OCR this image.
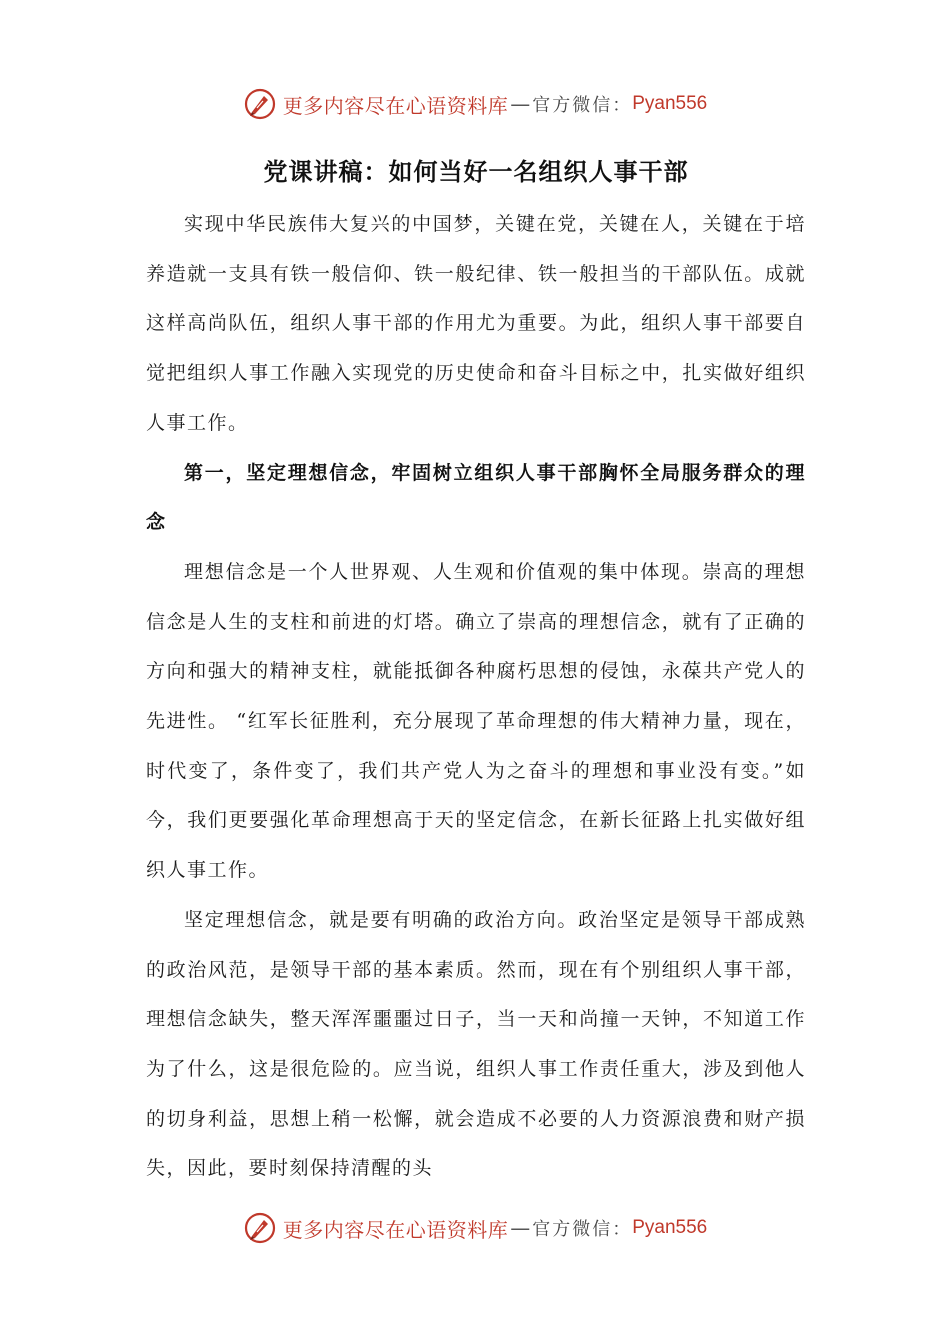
更多内容尽在心语资料库 — 官方微信： Pyan556
党课讲稿：如何当好一名组织人事干部

实现中华民族伟大复兴的中国梦，关键在党，关键在人，关键在于培养造就一支具有铁一般信仰、铁一般纪律、铁一般担当的干部队伍。成就这样高尚队伍，组织人事干部的作用尤为重要。为此，组织人事干部要自觉把组织人事工作融入实现党的历史使命和奋斗目标之中，扎实做好组织人事工作。

第一，坚定理想信念，牢固树立组织人事干部胸怀全局服务群众的理念

理想信念是一个人世界观、人生观和价值观的集中体现。崇高的理想信念是人生的支柱和前进的灯塔。确立了崇高的理想信念，就有了正确的方向和强大的精神支柱，就能抵御各种腐朽思想的侵蚀，永葆共产党人的先进性。 “红军长征胜利，充分展现了革命理想的伟大精神力量，现在，时代变了，条件变了，我们共产党人为之奋斗的理想和事业没有变。”如今，我们更要强化革命理想高于天的坚定信念，在新长征路上扎实做好组织人事工作。

坚定理想信念，就是要有明确的政治方向。政治坚定是领导干部成熟的政治风范，是领导干部的基本素质。然而，现在有个别组织人事干部，理想信念缺失，整天浑浑噩噩过日子，当一天和尚撞一天钟，不知道工作为了什么，这是很危险的。应当说，组织人事工作责任重大，涉及到他人的切身利益，思想上稍一松懈，就会造成不必要的人力资源浪费和财产损失，因此，要时刻保持清醒的头

更多内容尽在心语资料库 — 官方微信： Pyan556
